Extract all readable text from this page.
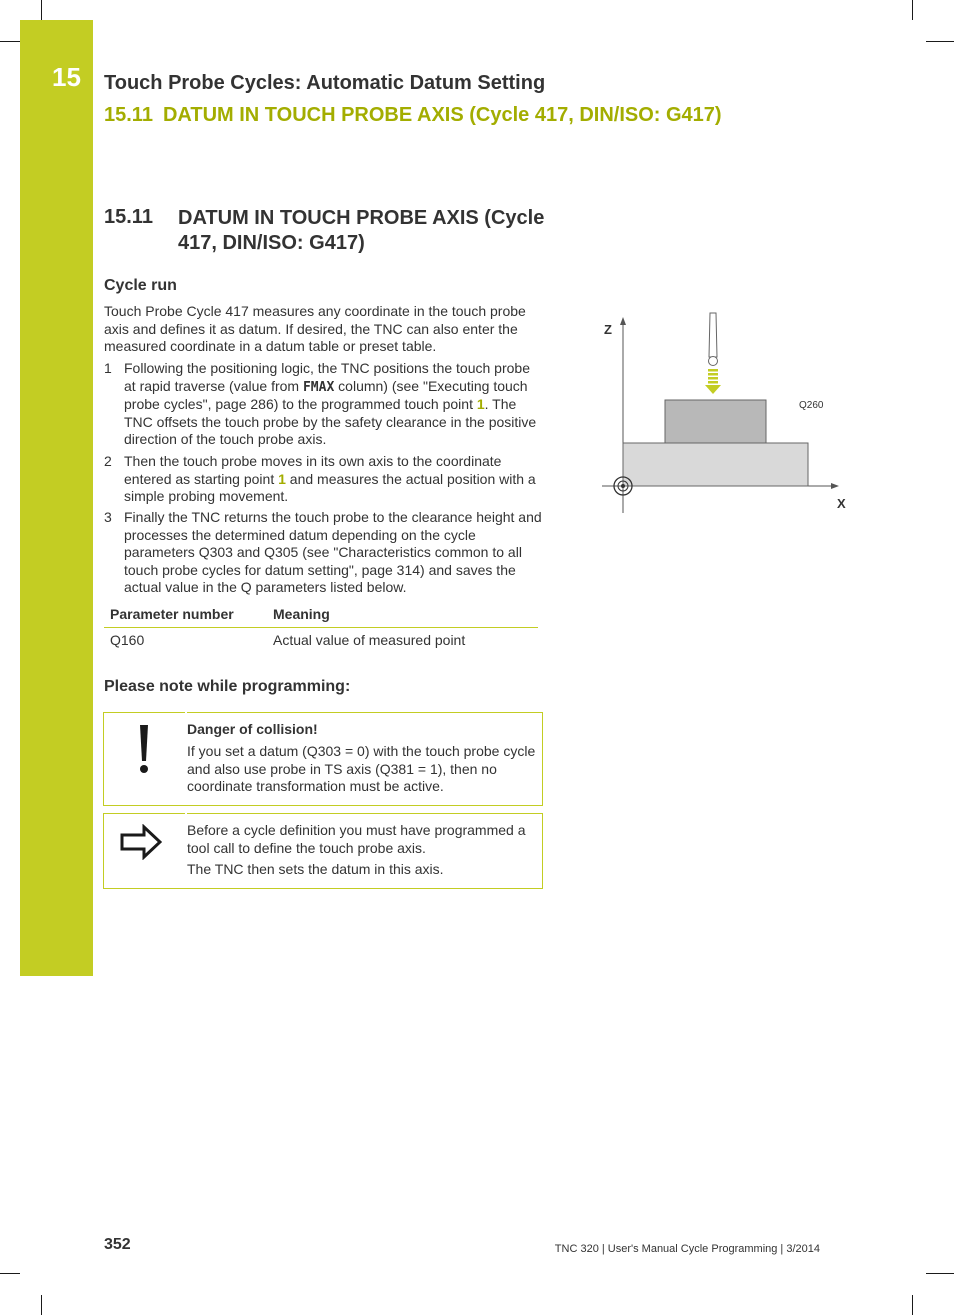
15 Touch Probe Cycles: Automatic Datum Setting
15.11 DATUM IN TOUCH PROBE AXIS (Cycle 417, DIN/ISO: G417)
15.11 DATUM IN TOUCH PROBE AXIS (Cycle 417, DIN/ISO: G417)
Cycle run
Touch Probe Cycle 417 measures any coordinate in the touch probe axis and defines it as datum. If desired, the TNC can also enter the measured coordinate in a datum table or preset table.
1 Following the positioning logic, the TNC positions the touch probe at rapid traverse (value from FMAX column) (see "Executing touch probe cycles", page 286) to the programmed touch point 1. The TNC offsets the touch probe by the safety clearance in the positive direction of the touch probe axis.
2 Then the touch probe moves in its own axis to the coordinate entered as starting point 1 and measures the actual position with a simple probing movement.
3 Finally the TNC returns the touch probe to the clearance height and processes the determined datum depending on the cycle parameters Q303 and Q305 (see "Characteristics common to all touch probe cycles for datum setting", page 314) and saves the actual value in the Q parameters listed below.
Parameter number	Meaning
Q160	Actual value of measured point
Please note while programming:
Danger of collision!
If you set a datum (Q303 = 0) with the touch probe cycle and also use probe in TS axis (Q381 = 1), then no coordinate transformation must be active.
Before a cycle definition you must have programmed a tool call to define the touch probe axis.
The TNC then sets the datum in this axis.
Z
X
Q260
352	TNC 320 | User's Manual Cycle Programming | 3/2014
